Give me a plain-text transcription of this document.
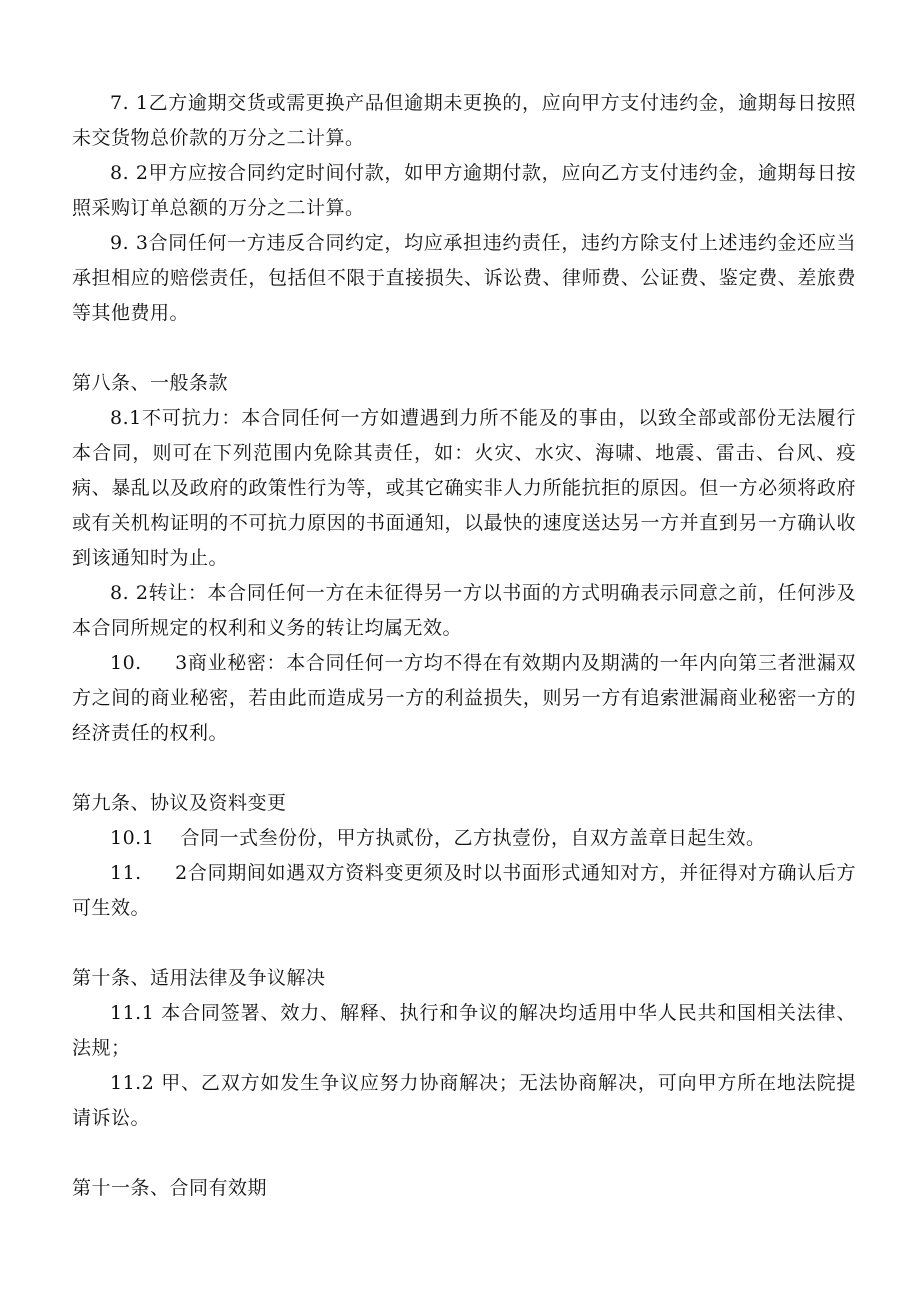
7. 1乙方逾期交货或需更换产品但逾期未更换的，应向甲方支付违约金，逾期每日按照未交货物总价款的万分之二计算。

8. 2甲方应按合同约定时间付款，如甲方逾期付款，应向乙方支付违约金，逾期每日按照采购订单总额的万分之二计算。

9. 3合同任何一方违反合同约定，均应承担违约责任，违约方除支付上述违约金还应当承担相应的赔偿责任，包括但不限于直接损失、诉讼费、律师费、公证费、鉴定费、差旅费等其他费用。

第八条、一般条款

8.1不可抗力：本合同任何一方如遭遇到力所不能及的事由，以致全部或部份无法履行本合同，则可在下列范围内免除其责任，如：火灾、水灾、海啸、地震、雷击、台风、疫病、暴乱以及政府的政策性行为等，或其它确实非人力所能抗拒的原因。但一方必须将政府或有关机构证明的不可抗力原因的书面通知，以最快的速度送达另一方并直到另一方确认收到该通知时为止。

8. 2转让：本合同任何一方在未征得另一方以书面的方式明确表示同意之前，任何涉及本合同所规定的权利和义务的转让均属无效。

10.     3商业秘密：本合同任何一方均不得在有效期内及期满的一年内向第三者泄漏双方之间的商业秘密，若由此而造成另一方的利益损失，则另一方有追索泄漏商业秘密一方的经济责任的权利。

第九条、协议及资料变更

10.1    合同一式叁份份，甲方执贰份，乙方执壹份，自双方盖章日起生效。

11.     2合同期间如遇双方资料变更须及时以书面形式通知对方，并征得对方确认后方可生效。

第十条、适用法律及争议解决

11.1 本合同签署、效力、解释、执行和争议的解决均适用中华人民共和国相关法律、法规；

11.2 甲、乙双方如发生争议应努力协商解决；无法协商解决，可向甲方所在地法院提请诉讼。

第十一条、合同有效期
